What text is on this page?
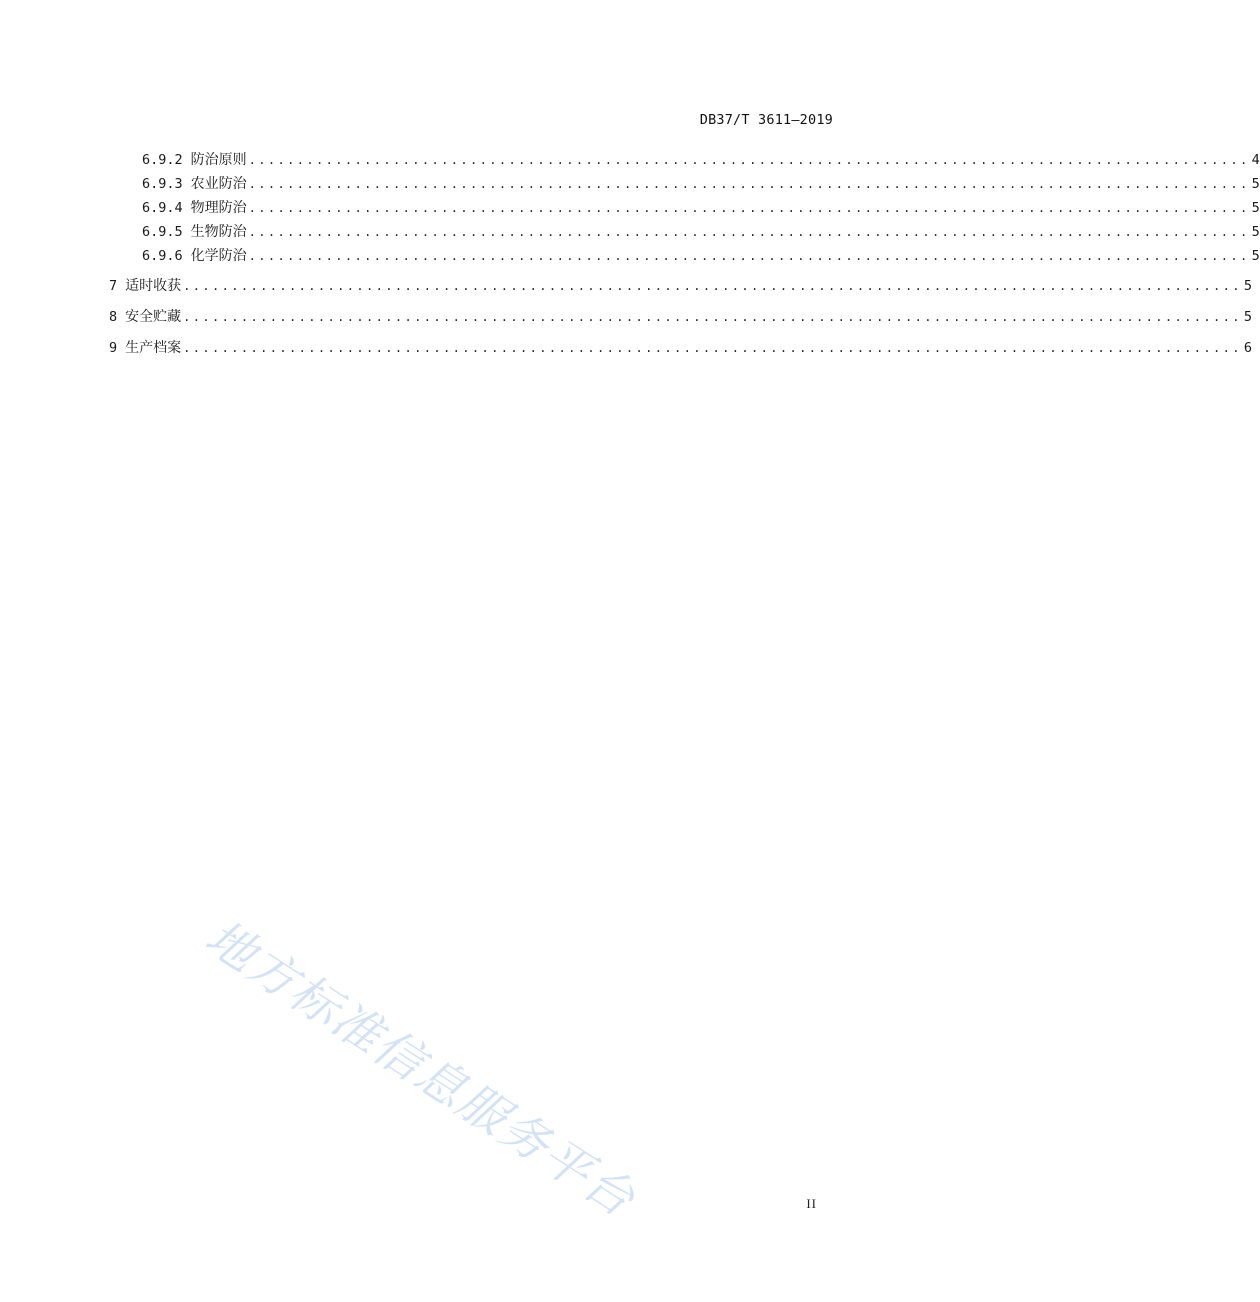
DB37/T 3611—2019
6.9.2 防治原则 ........................................................................................................ 4
6.9.3 农业防治 ........................................................................................................ 5
6.9.4 物理防治 ........................................................................................................ 5
6.9.5 生物防治 ........................................................................................................ 5
6.9.6 化学防治 ........................................................................................................ 5
7 适时收获 .............................................................................................................. 5
8 安全贮藏 .............................................................................................................. 5
9 生产档案 .............................................................................................................. 6
地方标准信息服务平台	II
